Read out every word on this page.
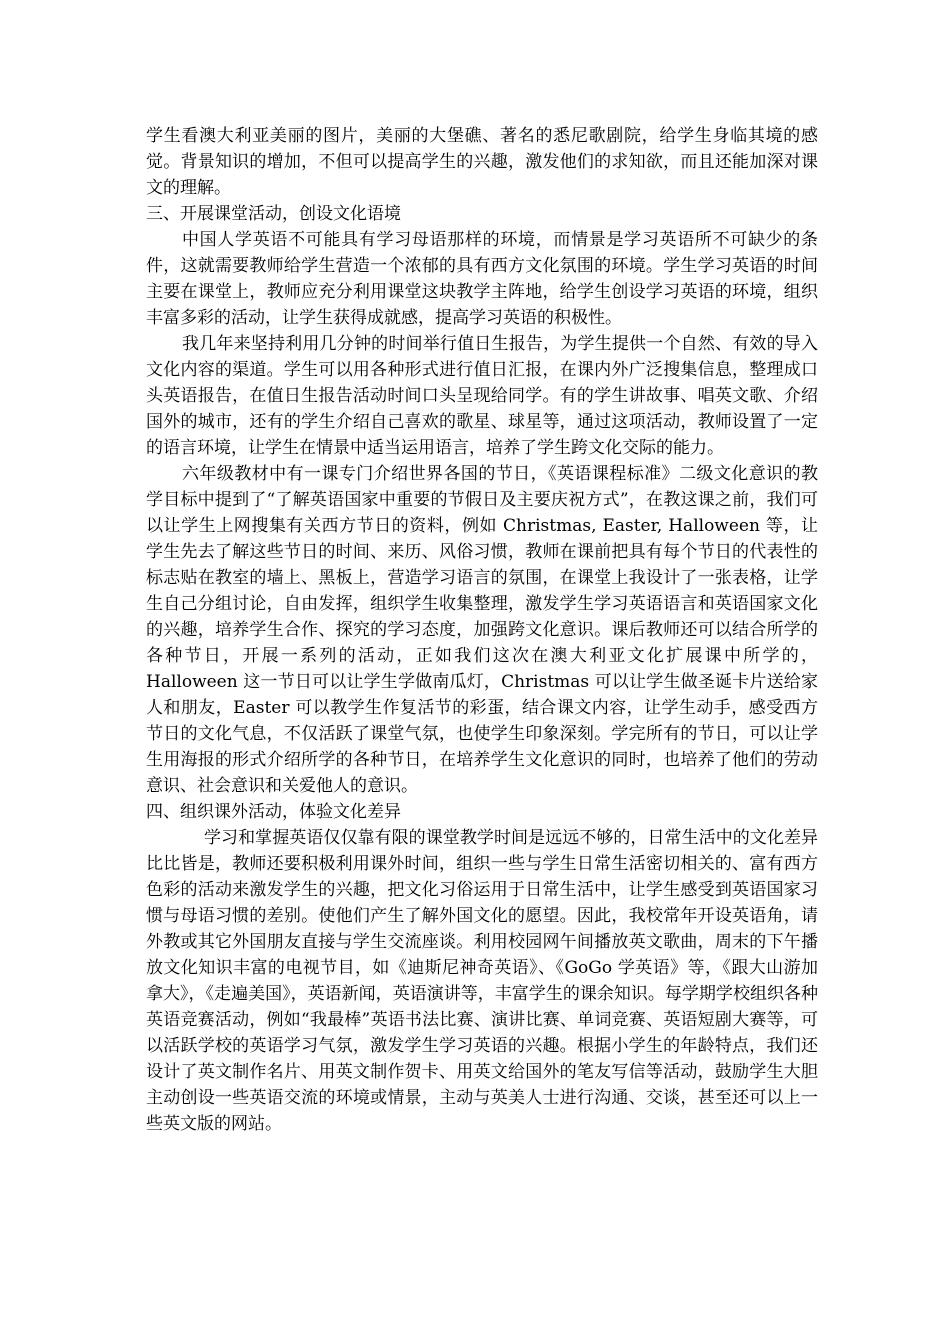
学生看澳大利亚美丽的图片，美丽的大堡礁、著名的悉尼歌剧院，给学生身临其境的感觉。背景知识的增加，不但可以提高学生的兴趣，激发他们的求知欲，而且还能加深对课文的理解。

三、开展课堂活动，创设文化语境

中国人学英语不可能具有学习母语那样的环境，而情景是学习英语所不可缺少的条件，这就需要教师给学生营造一个浓郁的具有西方文化氛围的环境。学生学习英语的时间主要在课堂上，教师应充分利用课堂这块教学主阵地，给学生创设学习英语的环境，组织丰富多彩的活动，让学生获得成就感，提高学习英语的积极性。

我几年来坚持利用几分钟的时间举行值日生报告，为学生提供一个自然、有效的导入文化内容的渠道。学生可以用各种形式进行值日汇报，在课内外广泛搜集信息，整理成口头英语报告，在值日生报告活动时间口头呈现给同学。有的学生讲故事、唱英文歌、介绍国外的城市，还有的学生介绍自己喜欢的歌星、球星等，通过这项活动，教师设置了一定的语言环境，让学生在情景中适当运用语言，培养了学生跨文化交际的能力。

六年级教材中有一课专门介绍世界各国的节日，《英语课程标准》二级文化意识的教学目标中提到了“了解英语国家中重要的节假日及主要庆祝方式”，在教这课之前，我们可以让学生上网搜集有关西方节日的资料，例如 Christmas, Easter, Halloween 等，让学生先去了解这些节日的时间、来历、风俗习惯，教师在课前把具有每个节日的代表性的标志贴在教室的墙上、黑板上，营造学习语言的氛围，在课堂上我设计了一张表格，让学生自己分组讨论，自由发挥，组织学生收集整理，激发学生学习英语语言和英语国家文化的兴趣，培养学生合作、探究的学习态度，加强跨文化意识。课后教师还可以结合所学的各种节日，开展一系列的活动，正如我们这次在澳大利亚文化扩展课中所学的，Halloween 这一节日可以让学生学做南瓜灯，Christmas 可以让学生做圣诞卡片送给家人和朋友，Easter 可以教学生作复活节的彩蛋，结合课文内容，让学生动手，感受西方节日的文化气息，不仅活跃了课堂气氛，也使学生印象深刻。学完所有的节日，可以让学生用海报的形式介绍所学的各种节日，在培养学生文化意识的同时，也培养了他们的劳动意识、社会意识和关爱他人的意识。

四、组织课外活动，体验文化差异

学习和掌握英语仅仅靠有限的课堂教学时间是远远不够的，日常生活中的文化差异比比皆是，教师还要积极利用课外时间，组织一些与学生日常生活密切相关的、富有西方色彩的活动来激发学生的兴趣，把文化习俗运用于日常生活中，让学生感受到英语国家习惯与母语习惯的差别。使他们产生了解外国文化的愿望。因此，我校常年开设英语角，请外教或其它外国朋友直接与学生交流座谈。利用校园网午间播放英文歌曲，周末的下午播放文化知识丰富的电视节目，如《迪斯尼神奇英语》、《GoGo 学英语》等，《跟大山游加拿大》，《走遍美国》，英语新闻，英语演讲等，丰富学生的课余知识。每学期学校组织各种英语竞赛活动，例如“我最棒”英语书法比赛、演讲比赛、单词竞赛、英语短剧大赛等，可以活跃学校的英语学习气氛，激发学生学习英语的兴趣。根据小学生的年龄特点，我们还设计了英文制作名片、用英文制作贺卡、用英文给国外的笔友写信等活动，鼓励学生大胆主动创设一些英语交流的环境或情景，主动与英美人士进行沟通、交谈，甚至还可以上一些英文版的网站。
